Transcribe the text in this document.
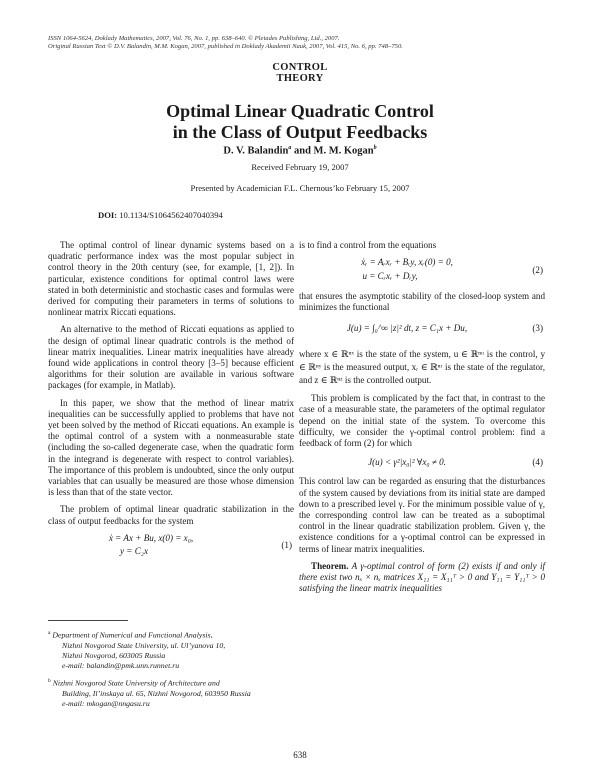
ISSN 1064-5624, Doklady Mathematics, 2007, Vol. 76, No. 1, pp. 638–640. © Pleiades Publishing, Ltd., 2007.
Original Russian Text © D.V. Balandin, M.M. Kogan, 2007, published in Doklady Akademii Nauk, 2007, Vol. 415, No. 6, pp. 748–750.
CONTROL
THEORY
Optimal Linear Quadratic Control
in the Class of Output Feedbacks
D. V. Balandin$^a$ and M. M. Kogan$^b$
Received February 19, 2007
Presented by Academician F.L. Chernous’ko February 15, 2007
DOI: 10.1134/S1064562407040394

The optimal control of linear dynamic systems based on a quadratic performance index was the most popular subject in control theory in the 20th century (see, for example, [1, 2]). In particular, existence conditions for optimal control laws were stated in both deterministic and stochastic cases and formulas were derived for computing their parameters in terms of solutions to nonlinear matrix Riccati equations.

An alternative to the method of Riccati equations as applied to the design of optimal linear quadratic controls is the method of linear matrix inequalities. Linear matrix inequalities have already found wide applications in control theory [3–5] because efficient algorithms for their solution are available in various software packages (for example, in Matlab).

In this paper, we show that the method of linear matrix inequalities can be successfully applied to problems that have not yet been solved by the method of Riccati equations. An example is the optimal control of a system with a nonmeasurable state (including the so-called degenerate case, when the quadratic form in the integrand is degenerate with respect to control variables). The importance of this problem is undoubted, since the only output variables that can usually be measured are those whose dimension is less than that of the state vector.

The problem of optimal linear quadratic stabilization in the class of output feedbacks for the system

ẋ = Ax + Bu, x(0) = x₀,
y = C₂x
(1)

is to find a control from the equations

ẋᵣ = Aᵣxᵣ + Bᵣy, xᵣ(0) = 0,
u = Cᵣxᵣ + Dᵣy,
(2)

that ensures the asymptotic stability of the closed-loop system and minimizes the functional

J(u) = ∫₀^∞ |z|² dt, z = C₁x + Du,	(3)

where x ∈ ℝⁿˣ is the state of the system, u ∈ ℝⁿᵘ is the control, y ∈ ℝⁿʸ is the measured output, xᵣ ∈ ℝⁿʳ is the state of the regulator, and z ∈ ℝⁿᶻ is the controlled output.

This problem is complicated by the fact that, in contrast to the case of a measurable state, the parameters of the optimal regulator depend on the initial state of the system. To overcome this difficulty, we consider the γ-optimal control problem: find a feedback of form (2) for which

J(u) < γ²|x₀|² ∀x₀ ≠ 0.	(4)

This control law can be regarded as ensuring that the disturbances of the system caused by deviations from its initial state are damped down to a prescribed level γ. For the minimum possible value of γ, the corresponding control law can be treated as a suboptimal control in the linear quadratic stabilization problem. Given γ, the existence conditions for a γ-optimal control can be expressed in terms of linear matrix inequalities.

Theorem. A γ-optimal control of form (2) exists if and only if there exist two nₓ × nₓ matrices X₁₁ = X₁₁ᵀ > 0 and Y₁₁ = Y₁₁ᵀ > 0 satisfying the linear matrix inequalities

$^a$ Department of Numerical and Functional Analysis,
Nizhni Novgorod State University, ul. Ul’yanova 10,
Nizhni Novgorod, 603005 Russia
e-mail: balandin@pmk.unn.runnet.ru
$^b$ Nizhni Novgorod State University of Architecture and
Building, Il’inskaya ul. 65, Nizhni Novgorod, 603950 Russia
e-mail: mkogan@nngasu.ru
638
